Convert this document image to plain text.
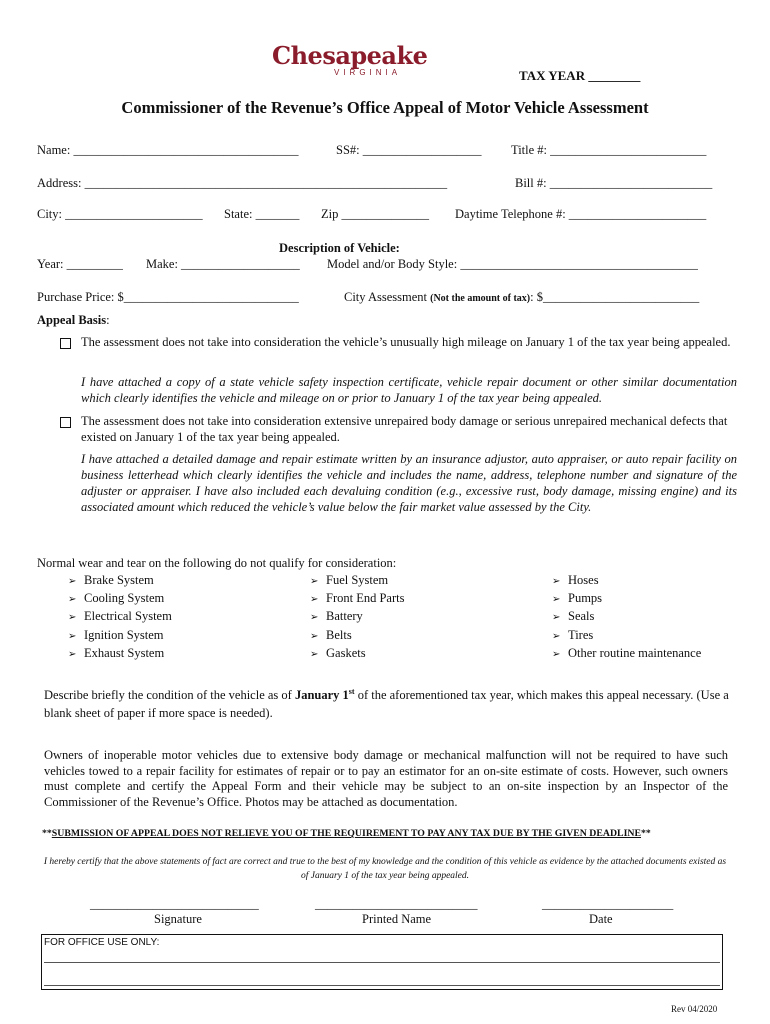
Chesapeake
VIRGINIA	TAX YEAR ________
Commissioner of the Revenue’s Office Appeal of Motor Vehicle Assessment
Name: ____________________________________	SS#: ___________________ Title #: _________________________
Address: __________________________________________________________	Bill #: __________________________
City: ______________________ State: _______ Zip ______________ Daytime Telephone #: ______________________
Description of Vehicle:
Year: _________ Make: ___________________ Model and/or Body Style: ______________________________________
Purchase Price: $____________________________	City Assessment (Not the amount of tax): $_________________________
Appeal Basis:
The assessment does not take into consideration the vehicle’s unusually high mileage on January 1 of the tax year being appealed.
I have attached a copy of a state vehicle safety inspection certificate, vehicle repair document or other similar documentation which clearly identifies the vehicle and mileage on or prior to January 1 of the tax year being appealed.
The assessment does not take into consideration extensive unrepaired body damage or serious unrepaired mechanical defects that existed on January 1 of the tax year being appealed.
I have attached a detailed damage and repair estimate written by an insurance adjustor, auto appraiser, or auto repair facility on business letterhead which clearly identifies the vehicle and includes the name, address, telephone number and signature of the adjuster or appraiser. I have also included each devaluing condition (e.g., excessive rust, body damage, missing engine) and its associated amount which reduced the vehicle’s value below the fair market value assessed by the City.
Normal wear and tear on the following do not qualify for consideration:
➢ Brake System
➢ Cooling System
➢ Electrical System
➢ Ignition System
➢ Exhaust System
➢ Fuel System
➢ Front End Parts
➢ Battery
➢ Belts
➢ Gaskets
➢ Hoses
➢ Pumps
➢ Seals
➢ Tires
➢ Other routine maintenance
Describe briefly the condition of the vehicle as of January 1st of the aforementioned tax year, which makes this appeal necessary. (Use a blank sheet of paper if more space is needed).
Owners of inoperable motor vehicles due to extensive body damage or mechanical malfunction will not be required to have such vehicles towed to a repair facility for estimates of repair or to pay an estimator for an on-site estimate of costs. However, such owners must complete and certify the Appeal Form and their vehicle may be subject to an on-site inspection by an Inspector of the Commissioner of the Revenue’s Office. Photos may be attached as documentation.
**SUBMISSION OF APPEAL DOES NOT RELIEVE YOU OF THE REQUIREMENT TO PAY ANY TAX DUE BY THE GIVEN DEADLINE**
I hereby certify that the above statements of fact are correct and true to the best of my knowledge and the condition of this vehicle as evidence by the attached documents existed as of January 1 of the tax year being appealed.
___________________________	__________________________	_____________________
Signature	Printed Name	Date
FOR OFFICE USE ONLY:
Rev 04/2020
